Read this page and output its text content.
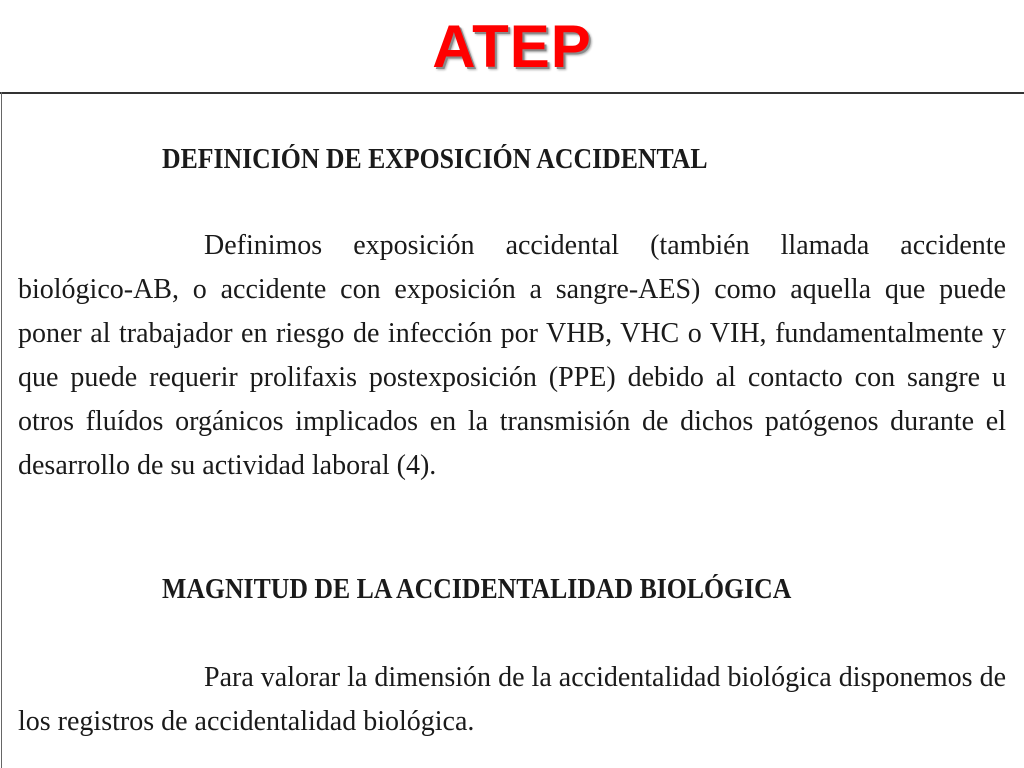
ATEP
DEFINICIÓN DE EXPOSICIÓN ACCIDENTAL

Definimos exposición accidental (también llamada accidente biológico-AB, o accidente con exposición a sangre-AES) como aquella que puede poner al trabajador en riesgo de infección por VHB, VHC o VIH, fundamentalmente y que puede requerir prolifaxis postexposición (PPE) debido al contacto con sangre u otros fluídos orgánicos implicados en la transmisión de dichos patógenos durante el desarrollo de su actividad laboral (4).

MAGNITUD DE LA ACCIDENTALIDAD BIOLÓGICA

Para valorar la dimensión de la accidentalidad biológica disponemos de los registros de accidentalidad biológica.
